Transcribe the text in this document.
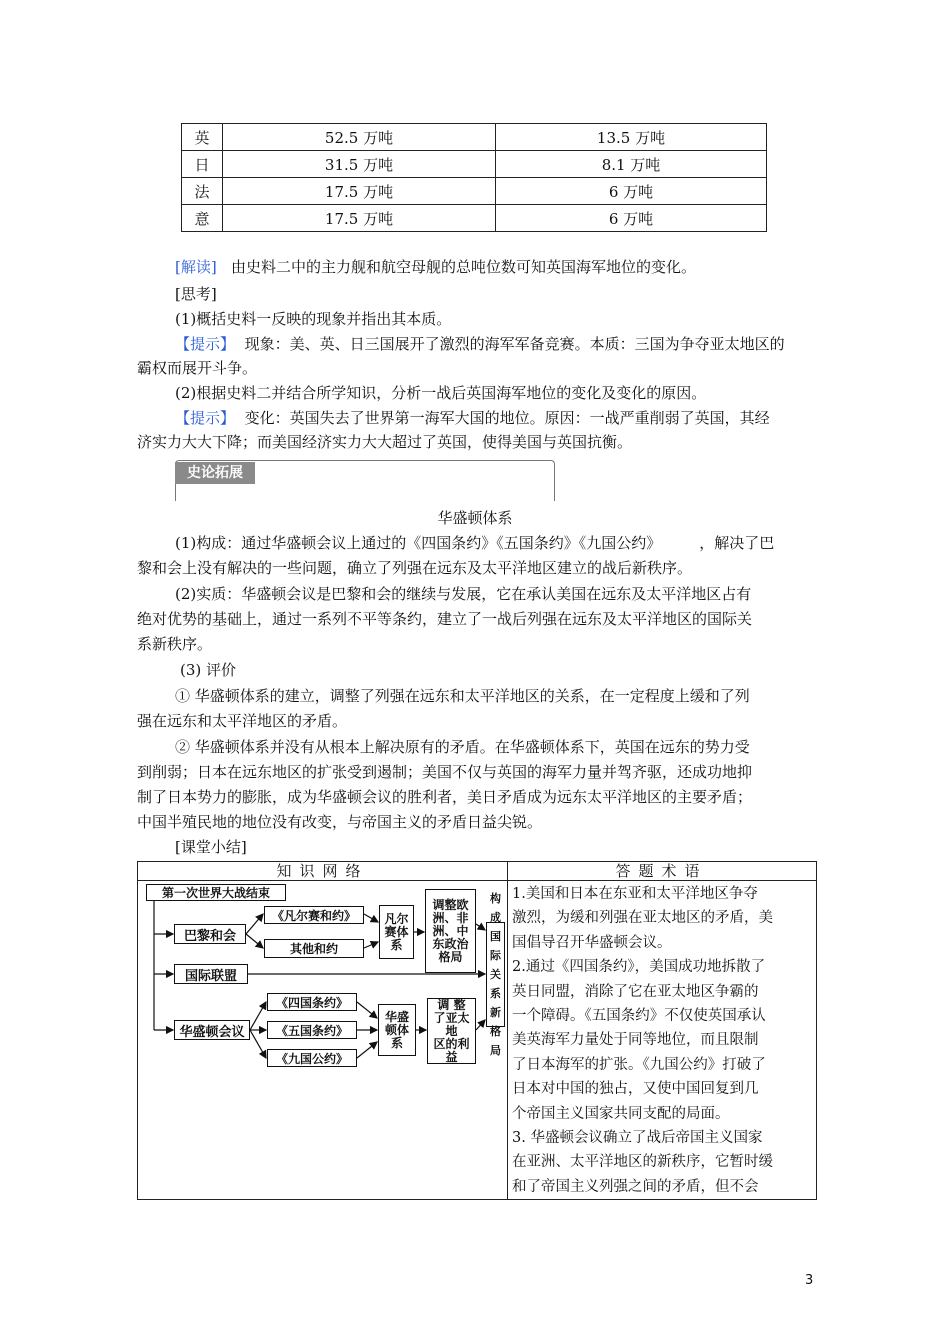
英	52.5 万吨	13.5 万吨
日	31.5 万吨	8.1 万吨
法	17.5 万吨	6 万吨
意	17.5 万吨	6 万吨
[解读] 由史料二中的主力舰和航空母舰的总吨位数可知英国海军地位的变化。
[思考]
(1)概括史料一反映的现象并指出其本质。
【提示】 现象：美、英、日三国展开了激烈的海军军备竞赛。本质：三国为争夺亚太地区的
霸权而展开斗争。
(2)根据史料二并结合所学知识，分析一战后英国海军地位的变化及变化的原因。
【提示】 变化：英国失去了世界第一海军大国的地位。原因：一战严重削弱了英国，其经
济实力大大下降；而美国经济实力大大超过了英国，使得美国与英国抗衡。
史论拓展
华盛顿体系
(1)构成：通过华盛顿会议上通过的《四国条约》《五国条约》《九国公约》	，解决了巴
黎和会上没有解决的一些问题，确立了列强在远东及太平洋地区建立的战后新秩序。
(2)实质：华盛顿会议是巴黎和会的继续与发展，它在承认美国在远东及太平洋地区占有
绝对优势的基础上，通过一系列不平等条约，建立了一战后列强在远东及太平洋地区的国际关
系新秩序。
(3) 评价
① 华盛顿体系的建立，调整了列强在远东和太平洋地区的关系，在一定程度上缓和了列
强在远东和太平洋地区的矛盾。
② 华盛顿体系并没有从根本上解决原有的矛盾。在华盛顿体系下，英国在远东的势力受
到削弱；日本在远东地区的扩张受到遏制；美国不仅与英国的海军力量并驾齐驱，还成功地抑
制了日本势力的膨胀，成为华盛顿会议的胜利者，美日矛盾成为远东太平洋地区的主要矛盾；
中国半殖民地的地位没有改变，与帝国主义的矛盾日益尖锐。
[课堂小结]
知识网络	答题术语
第一次世界大战结束
巴黎和会
《凡尔赛和约》
其他和约
凡尔
赛体
系
调整欧
洲、非
洲、中
东政治
格局
构成
国际
关系
新格
局
国际联盟
华盛顿会议
《四国条约》
《五国条约》
《九国公约》
华盛
顿体
系
调 整
了亚太地
区的利
益
1.美国和日本在东亚和太平洋地区争夺
激烈，为缓和列强在亚太地区的矛盾，美
国倡导召开华盛顿会议。
2.通过《四国条约》，美国成功地拆散了
英日同盟，消除了它在亚太地区争霸的
一个障碍。《五国条约》不仅使英国承认
美英海军力量处于同等地位，而且限制
了日本海军的扩张。《九国公约》打破了
日本对中国的独占，又使中国回复到几
个帝国主义国家共同支配的局面。
3. 华盛顿会议确立了战后帝国主义国家
在亚洲、太平洋地区的新秩序，它暂时缓
和了帝国主义列强之间的矛盾，但不会
3
